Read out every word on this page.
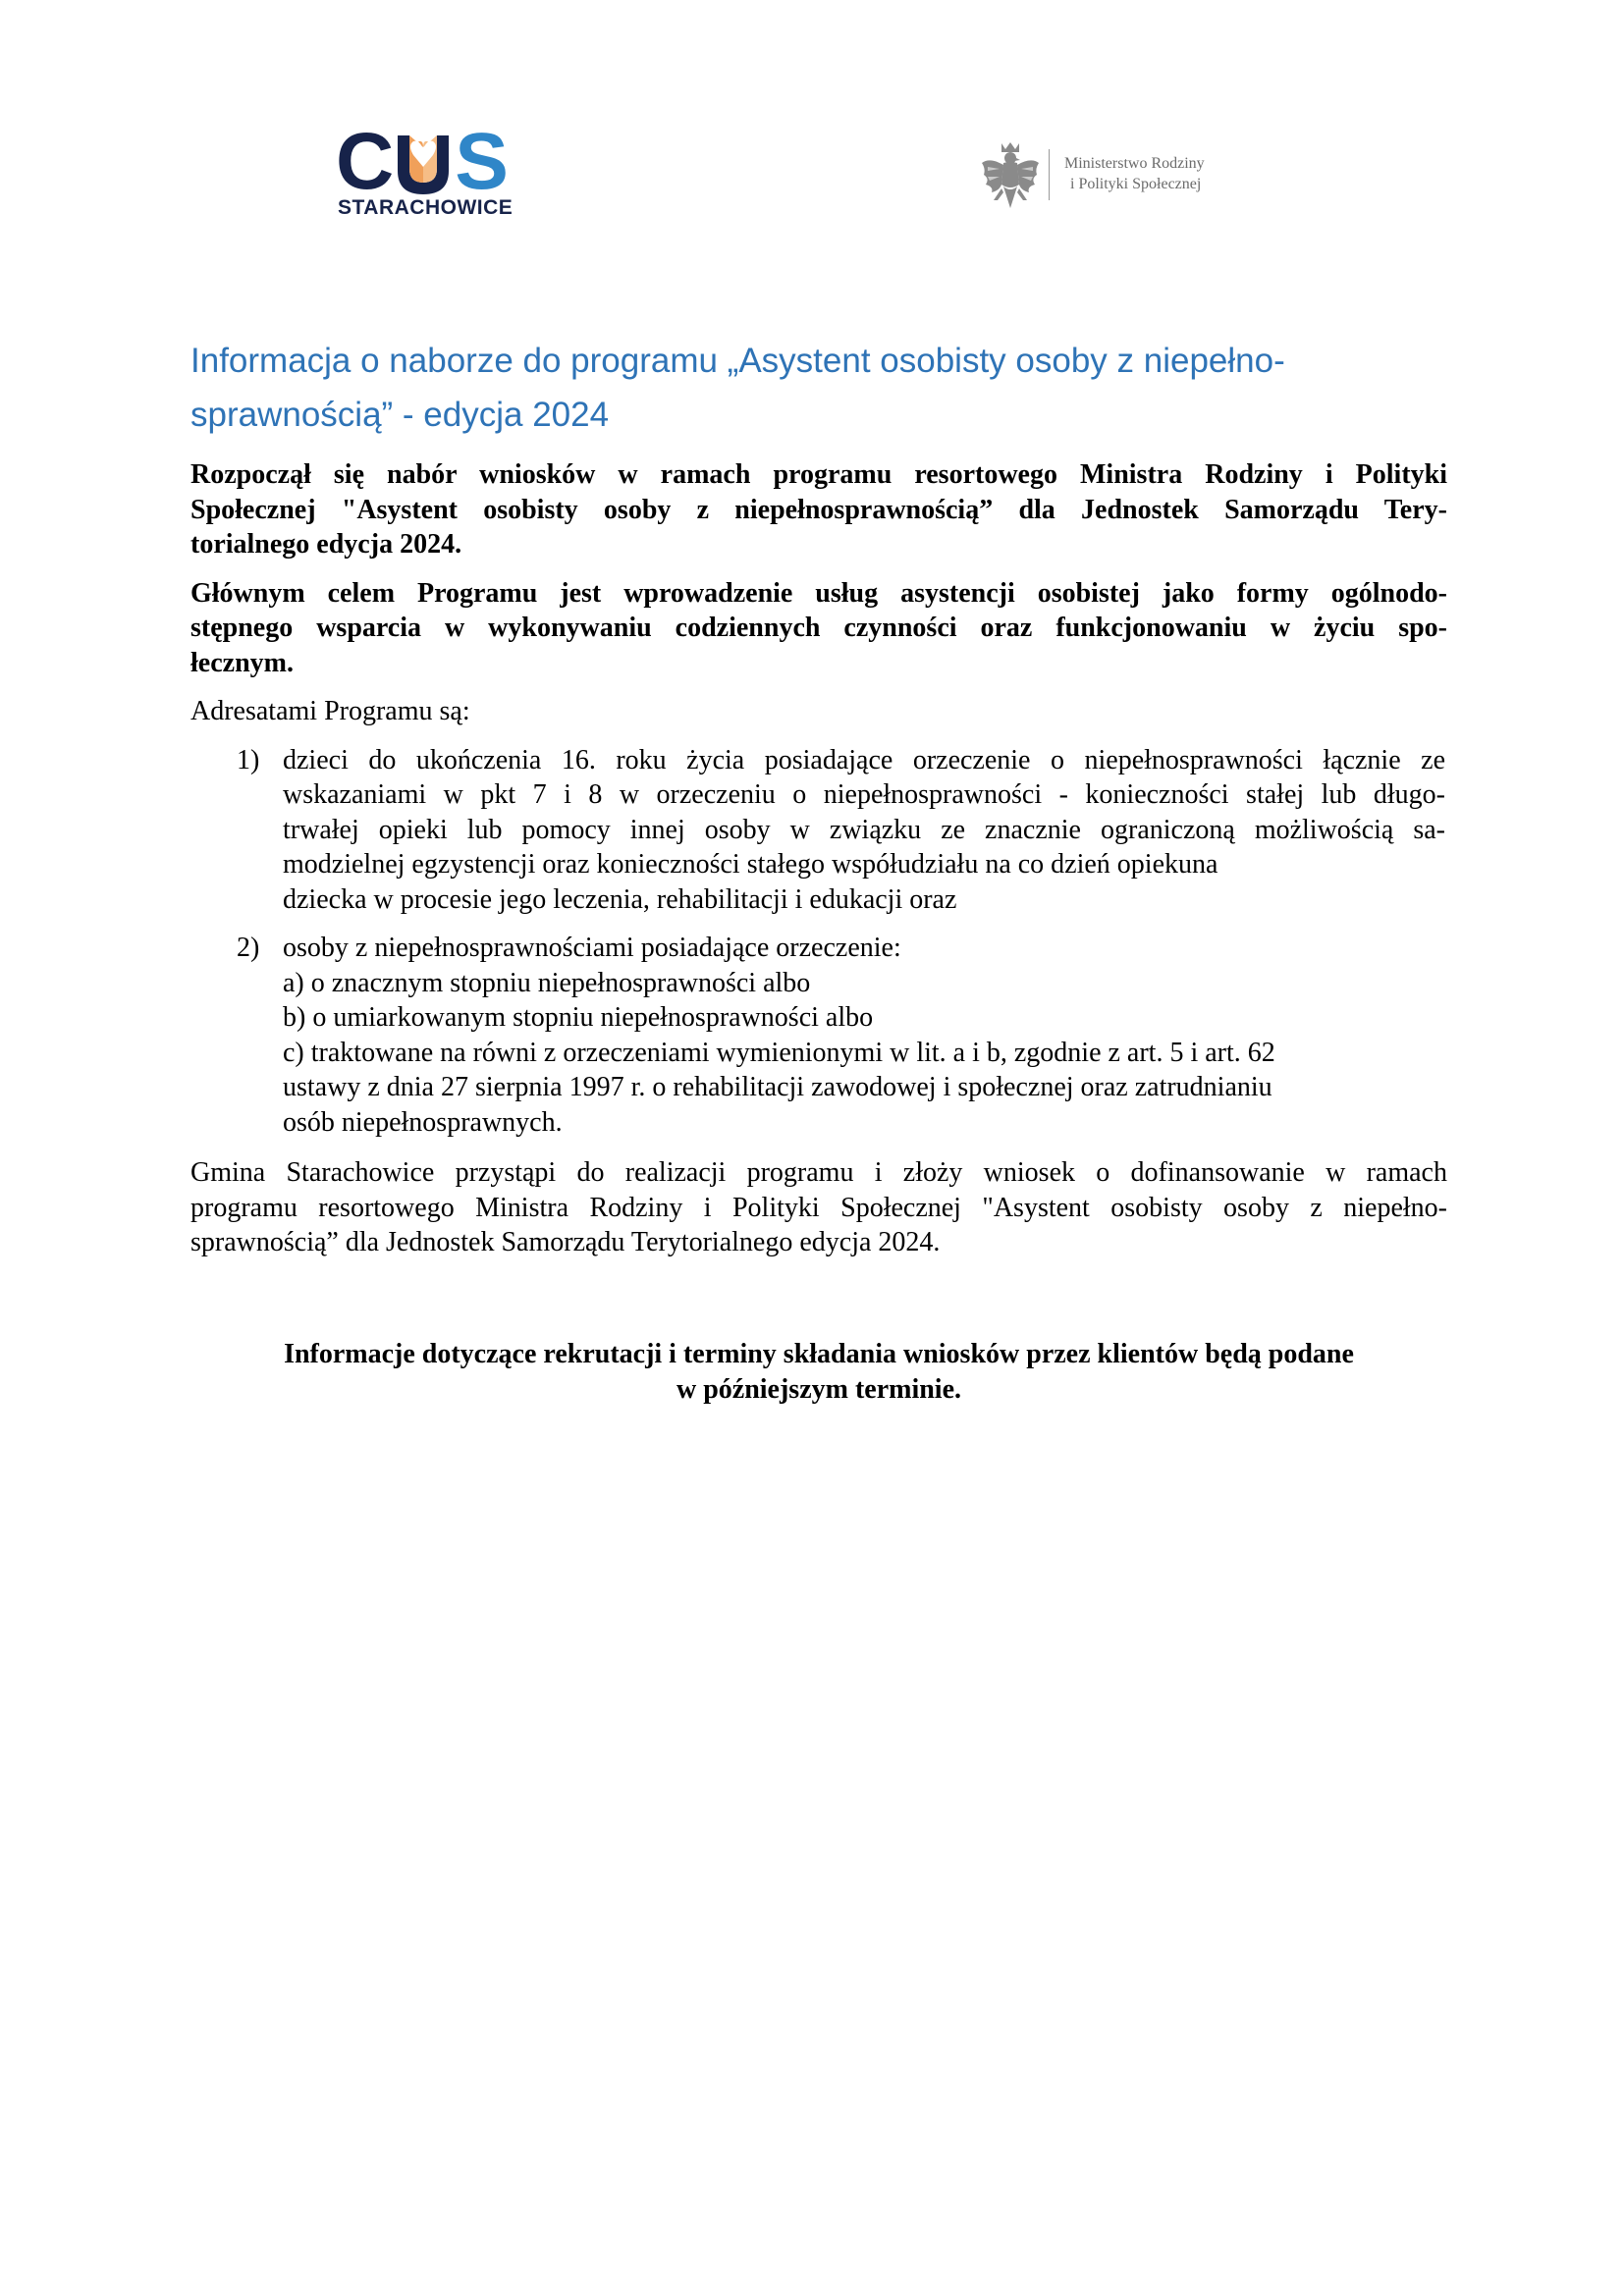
C S
STARACHOWICE
Ministerstwo Rodziny
i Polityki Społecznej
Informacja o naborze do programu „Asystent osobisty osoby z niepełno-
sprawnością” - edycja 2024
Rozpoczął się nabór wniosków w ramach programu resortowego Ministra Rodziny i Polityki
Społecznej "Asystent osobisty osoby z niepełnosprawnością” dla Jednostek Samorządu Tery-
torialnego edycja 2024.
Głównym celem Programu jest wprowadzenie usług asystencji osobistej jako formy ogólnodo-
stępnego wsparcia w wykonywaniu codziennych czynności oraz funkcjonowaniu w życiu spo-
łecznym.
Adresatami Programu są:
1) dzieci do ukończenia 16. roku życia posiadające orzeczenie o niepełnosprawności łącznie ze
wskazaniami w pkt 7 i 8 w orzeczeniu o niepełnosprawności - konieczności stałej lub długo-
trwałej opieki lub pomocy innej osoby w związku ze znacznie ograniczoną możliwością sa-
modzielnej egzystencji oraz konieczności stałego współudziału na co dzień opiekuna
dziecka w procesie jego leczenia, rehabilitacji i edukacji oraz
2) osoby z niepełnosprawnościami posiadające orzeczenie:
a) o znacznym stopniu niepełnosprawności albo
b) o umiarkowanym stopniu niepełnosprawności albo
c) traktowane na równi z orzeczeniami wymienionymi w lit. a i b, zgodnie z art. 5 i art. 62
ustawy z dnia 27 sierpnia 1997 r. o rehabilitacji zawodowej i społecznej oraz zatrudnianiu
osób niepełnosprawnych.
Gmina Starachowice przystąpi do realizacji programu i złoży wniosek o dofinansowanie w ramach
programu resortowego Ministra Rodziny i Polityki Społecznej "Asystent osobisty osoby z niepełno-
sprawnością” dla Jednostek Samorządu Terytorialnego edycja 2024.
Informacje dotyczące rekrutacji i terminy składania wniosków przez klientów będą podane
w późniejszym terminie.
